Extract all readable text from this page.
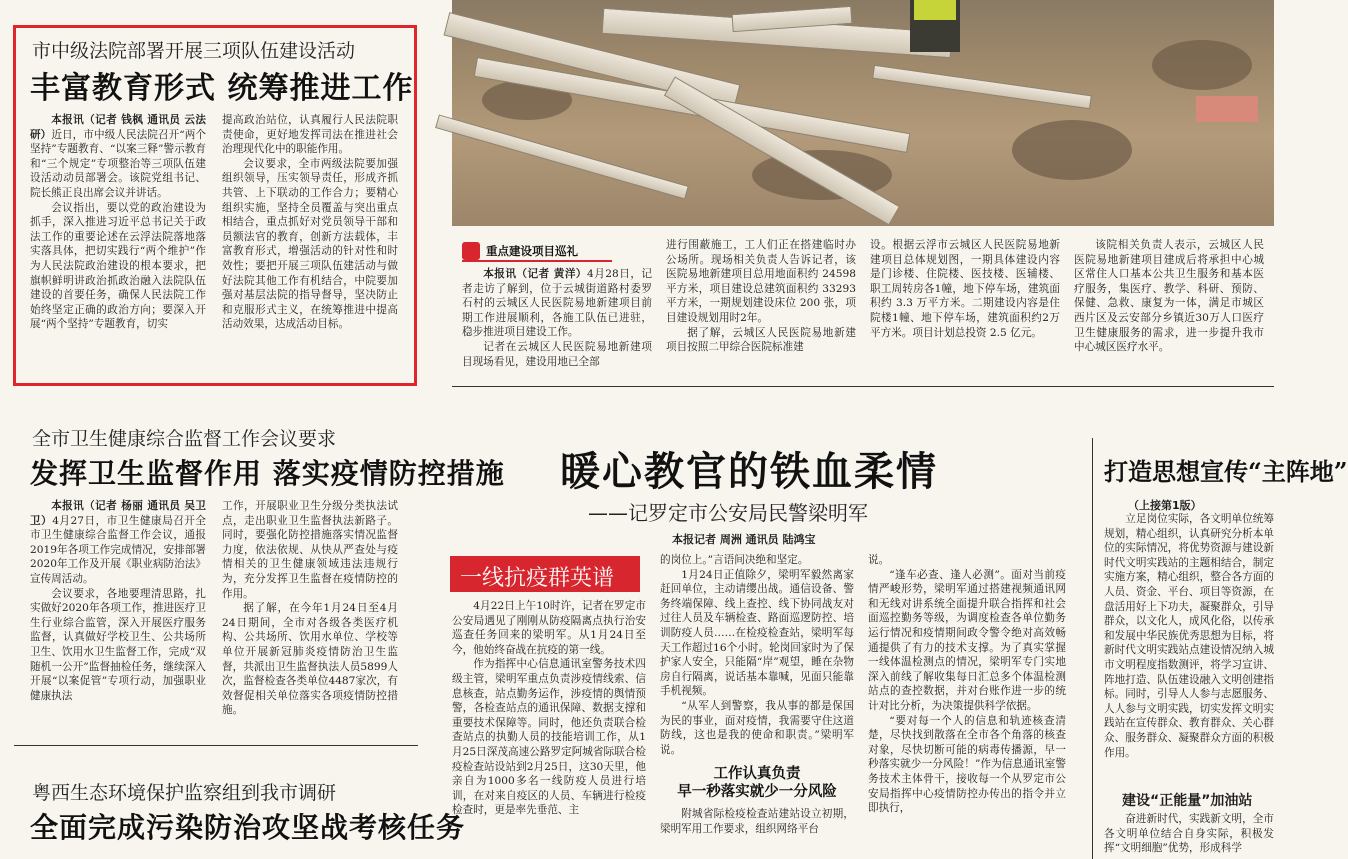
市中级法院部署开展三项队伍建设活动
丰富教育形式 统筹推进工作

本报讯（记者 钱枫 通讯员 云法研）近日，市中级人民法院召开“两个坚持”专题教育、“以案三释”警示教育和“三个规定”专项整治等三项队伍建设活动动员部署会。该院党组书记、院长熊正良出席会议并讲话。

会议指出，要以党的政治建设为抓手，深入推进习近平总书记关于政法工作的重要论述在云浮法院落地落实落具体，把切实践行“两个维护”作为人民法院政治建设的根本要求，把旗帜鲜明讲政治抓政治融入法院队伍建设的首要任务，确保人民法院工作始终坚定正确的政治方向；要深入开展“两个坚持”专题教育，切实

提高政治站位，认真履行人民法院职责使命，更好地发挥司法在推进社会治理现代化中的职能作用。

会议要求，全市两级法院要加强组织领导，压实领导责任，形成齐抓共管、上下联动的工作合力；要精心组织实施，坚持全员覆盖与突出重点相结合，重点抓好对党员领导干部和员额法官的教育，创新方法载体，丰富教育形式，增强活动的针对性和时效性；要把开展三项队伍建活动与做好法院其他工作有机结合，中院要加强对基层法院的指导督导，坚决防止和克服形式主义，在统筹推进中提高活动效果，达成活动目标。

重点建设项目巡礼

本报讯（记者 黄洋）4月28日，记者走访了解到，位于云城街道路村委罗石村的云城区人民医院易地新建项目前期工作进展顺利，各施工队伍已进驻，稳步推进项目建设工作。

记者在云城区人民医院易地新建项目现场看见，建设用地已全部

进行围蔽施工，工人们正在搭建临时办公场所。现场相关负责人告诉记者，该医院易地新建项目总用地面积约 24598 平方米，项目建设总建筑面积约 33293 平方米，一期规划建设床位 200 张，项目建设规划用时2年。

据了解，云城区人民医院易地新建项目按照二甲综合医院标准建

设。根据云浮市云城区人民医院易地新建项目总体规划图，一期具体建设内容是门诊楼、住院楼、医技楼、医辅楼、职工周转房各1幢，地下停车场，建筑面积约 3.3 万平方米。二期建设内容是住院楼1幢、地下停车场，建筑面积约2万平方米。项目计划总投资 2.5 亿元。

该院相关负责人表示，云城区人民医院易地新建项目建成后将承担中心城区常住人口基本公共卫生服务和基本医疗服务，集医疗、教学、科研、预防、保健、急救、康复为一体，满足市城区西片区及云安部分乡镇近30万人口医疗卫生健康服务的需求，进一步提升我市中心城区医疗水平。

全市卫生健康综合监督工作会议要求
发挥卫生监督作用 落实疫情防控措施

本报讯（记者 杨丽 通讯员 吴卫卫）4月27日，市卫生健康局召开全市卫生健康综合监督工作会议，通报2019年各项工作完成情况，安排部署2020年工作及开展《职业病防治法》宣传周活动。

会议要求，各地要理清思路，扎实做好2020年各项工作，推进医疗卫生行业综合监管，深入开展医疗服务监督，认真做好学校卫生、公共场所卫生、饮用水卫生监督工作，完成“双随机一公开”监督抽检任务，继续深入开展“以案促管”专项行动，加强职业健康执法

工作，开展职业卫生分级分类执法试点，走出职业卫生监督执法新路子。同时，要强化防控措施落实情况监督力度，依法依规、从快从严查处与疫情相关的卫生健康领域违法违规行为，充分发挥卫生监督在疫情防控的作用。

据了解，在今年1月24日至4月24日期间，全市对各级各类医疗机构、公共场所、饮用水单位、学校等单位开展新冠肺炎疫情防治卫生监督，共派出卫生监督执法人员5899人次，监督检查各类单位4487家次，有效督促相关单位落实各项疫情防控措施。

粤西生态环境保护监察组到我市调研
全面完成污染防治攻坚战考核任务
暖心教官的铁血柔情
——记罗定市公安局民警梁明军
本报记者 周洲 通讯员 陆鸿宝
一线抗疫群英谱

4月22日上午10时许，记者在罗定市公安局遇见了刚刚从防疫隔离点执行治安巡查任务回来的梁明军。从1月24日至今，他始终奋战在抗疫的第一线。

作为指挥中心信息通讯室警务技术四级主管，梁明军重点负责涉疫情线索、信息核查，站点勤务运作，涉疫情的舆情预警，各检查站点的通讯保障、数据支撑和重要技术保障等。同时，他还负责联合检查站点的执勤人员的技能培训工作，从1月25日深茂高速公路罗定阿城省际联合检疫检查站设站到2月25日，这30天里，他亲自为1000多名一线防疫人员进行培训，在对来自疫区的人员、车辆进行检疫检查时，更是率先垂范、主

的岗位上。”言语间决绝和坚定。

1月24日正值除夕，梁明军毅然离家赶回单位，主动请缨出战。通信设备、警务终端保障、线上查控、线下协同战友对过往人员及车辆检查、路面巡逻防控、培训防疫人员……在检疫检查站，梁明军每天工作超过16个小时。轮岗回家时为了保护家人安全，只能隔“岸”观望，睡在杂物房自行隔离，说话基本靠喊，见面只能靠手机视频。

“从军人到警察，我从事的都是保国为民的事业，面对疫情，我需要守住这道防线，这也是我的使命和职责。”梁明军说。

工作认真负责
早一秒落实就少一分风险

附城省际检疫检查站建站设立初期，梁明军用工作要求，组织网络平台

说。

“逢车必查、逢人必测”。面对当前疫情严峻形势，梁明军通过搭建视频通讯网和无线对讲系统全面提升联合指挥和社会面巡控勤务等级，为调度检查各单位勤务运行情况和疫情期间政令警令绝对高效畅通提供了有力的技术支撑。为了真实掌握一线体温检测点的情况，梁明军专门实地深入前线了解收集每日汇总多个体温检测站点的查控数据，并对台账作进一步的统计对比分析，为决策提供科学依据。

“要对每一个人的信息和轨迹核查清楚，尽快找到散落在全市各个角落的核查对象，尽快切断可能的病毒传播源，早一秒落实就少一分风险！”作为信息通讯室警务技术主体骨干，接收每一个从罗定市公安局指挥中心疫情防控办传出的指令并立即执行，

打造思想宣传“主阵地”
（上接第1版）

立足岗位实际，各文明单位统筹规划，精心组织，认真研究分析本单位的实际情况，将优势资源与建设新时代文明实践站的主题相结合，制定实施方案，精心组织，整合各方面的人员、资金、平台、项目等资源，在盘活用好上下功夫，凝聚群众，引导群众，以文化人，成风化俗，以传承和发展中华民族优秀思想为目标，将新时代文明实践站点建设情况纳入城市文明程度指数测评，将学习宣讲、阵地打造、队伍建设融入文明创建指标。同时，引导人人参与志愿服务、人人参与文明实践，切实发挥文明实践站在宣传群众、教育群众、关心群众、服务群众、凝聚群众方面的积极作用。

建设“正能量”加油站

奋进新时代，实践新文明，全市各文明单位结合自身实际，积极发挥“文明细胞”优势，形成科学
